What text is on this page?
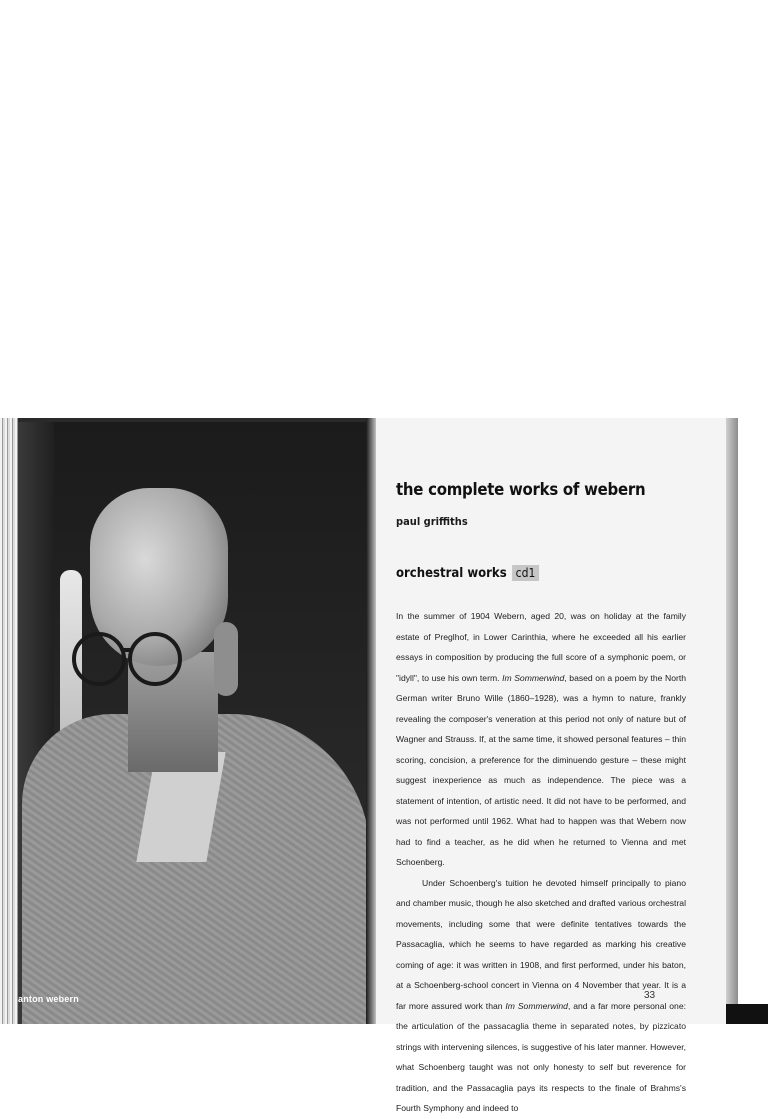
anton webern
the complete works of webern
paul griffiths
orchestral works cd1

In the summer of 1904 Webern, aged 20, was on holiday at the family estate of Preglhof, in Lower Carinthia, where he exceeded all his earlier essays in composition by producing the full score of a symphonic poem, or "idyll", to use his own term. Im Sommerwind, based on a poem by the North German writer Bruno Wille (1860–1928), was a hymn to nature, frankly revealing the composer's veneration at this period not only of nature but of Wagner and Strauss. If, at the same time, it showed personal features – thin scoring, concision, a preference for the diminuendo gesture – these might suggest inexperience as much as independence. The piece was a statement of intention, of artistic need. It did not have to be performed, and was not performed until 1962. What had to happen was that Webern now had to find a teacher, as he did when he returned to Vienna and met Schoenberg.

Under Schoenberg's tuition he devoted himself principally to piano and chamber music, though he also sketched and drafted various orchestral movements, including some that were definite tentatives towards the Passacaglia, which he seems to have regarded as marking his creative coming of age: it was written in 1908, and first performed, under his baton, at a Schoenberg-school concert in Vienna on 4 November that year. It is a far more assured work than Im Sommerwind, and a far more personal one: the articulation of the passacaglia theme in separated notes, by pizzicato strings with intervening silences, is suggestive of his later manner. However, what Schoenberg taught was not only honesty to self but reverence for tradition, and the Passacaglia pays its respects to the finale of Brahms's Fourth Symphony and indeed to

33
